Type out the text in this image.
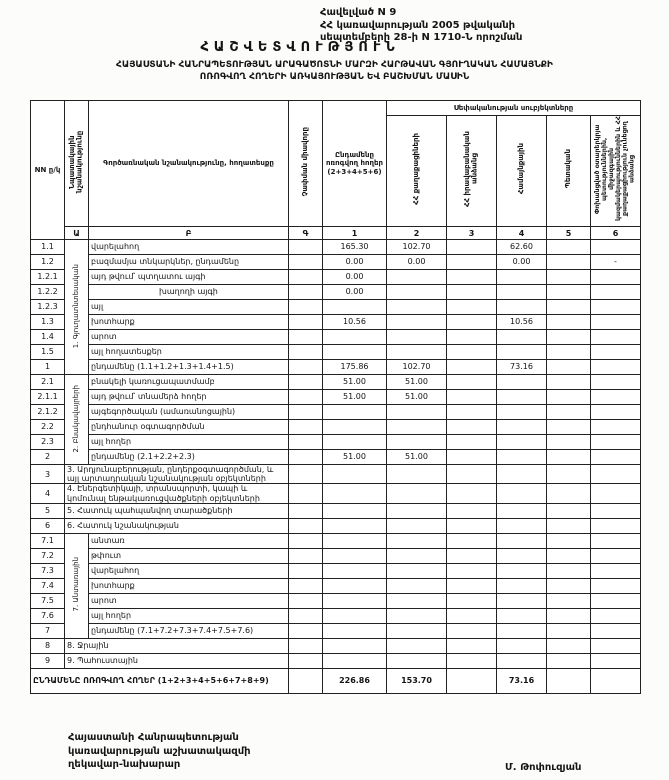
Հավելված N 9
ՀՀ կառավարության 2005 թվականի
սեպտեմբերի 28-ի N 1710-Ն որոշման
ՀԱՇՎԵՏՎՈՒԹՅՈՒՆ
ՀԱՅԱՍՏԱՆԻ ՀԱՆՐԱՊԵՏՈՒԹՅԱՆ ԱՐԱԳԱԾՈՏՆԻ ՄԱՐԶԻ ՀԱՐԹԱՎԱՆ ԳՅՈՒՂԱԿԱՆ ՀԱՄԱՅՆՔԻ
ՈՌՈԳՎՈՂ ՀՈՂԵՐԻ ԱՌԿԱՅՈՒԹՅԱՆ ԵՎ ԲԱՇԽՄԱՆ ՄԱՍԻՆ
NN ը/կ	Նպատակային նշանակությունը	Գործառնական նշանակությունը, հողատեսքը	Չափման միավորը	Ընդամենը ոռոգվող հողեր (2+3+4+5+6)	Սեփականության սուբյեկտները				
					ՀՀ քաղաքացիների	ՀՀ իրավաբանական անձանց	Համայնքային	Պետական	Փոխանցված օտարերկրյա պետություններին, միջազգային կազմակերպություններին և ՀՀ քաղաքացիություն չունեցող անձանց
	Ա	Բ	Գ	1	2	3	4	5	6
1.1	1. Գյուղատնտեսական	վարելահող		165.30	102.70		62.60		
1.2		բազմամյա տնկարկներ, ընդամենը		0.00	0.00		0.00		-
1.2.1		այդ թվում՝ պտղատու այգի		0.00					
1.2.2		խաղողի այգի		0.00					
1.2.3		այլ							
1.3		խոտհարք		10.56			10.56		
1.4		արոտ							
1.5		այլ հողատեսքեր							
1		ընդամենը (1.1+1.2+1.3+1.4+1.5)		175.86	102.70		73.16		
2.1	2. Բնակավայրերի	բնակելի կառուցապատմամբ		51.00	51.00				
2.1.1		այդ թվում՝ տնամերձ հողեր		51.00	51.00				
2.1.2		այգեգործական (ամառանոցային)							
2.2		ընդհանուր օգտագործման							
2.3		այլ հողեր							
2		ընդամենը (2.1+2.2+2.3)		51.00	51.00				
3	3. Արդյունաբերության, ընդերքօգտագործման, և այլ արտադրական նշանակության օբյեկտների								
4	4. Էներգետիկայի, տրանսպորտի, կապի և կոմունալ ենթակառուցվածքների օբյեկտների								
5	5. Հատուկ պահպանվող տարածքների								
6	6. Հատուկ նշանակության								
7.1	7. Անտառային	անտառ							
7.2		թփուտ							
7.3		վարելահող							
7.4		խոտհարք							
7.5		արոտ							
7.6		այլ հողեր							
7		ընդամենը (7.1+7.2+7.3+7.4+7.5+7.6)							
8	8. Ջրային								
9	9. Պահուստային								
ԸՆԴԱՄԵՆԸ ՈՌՈԳՎՈՂ ՀՈՂԵՐ (1+2+3+4+5+6+7+8+9)				226.86	153.70		73.16		
Հայաստանի Հանրապետության
կառավարության աշխատակազմի
ղեկավար-նախարար	Մ. Թոփուզյան
